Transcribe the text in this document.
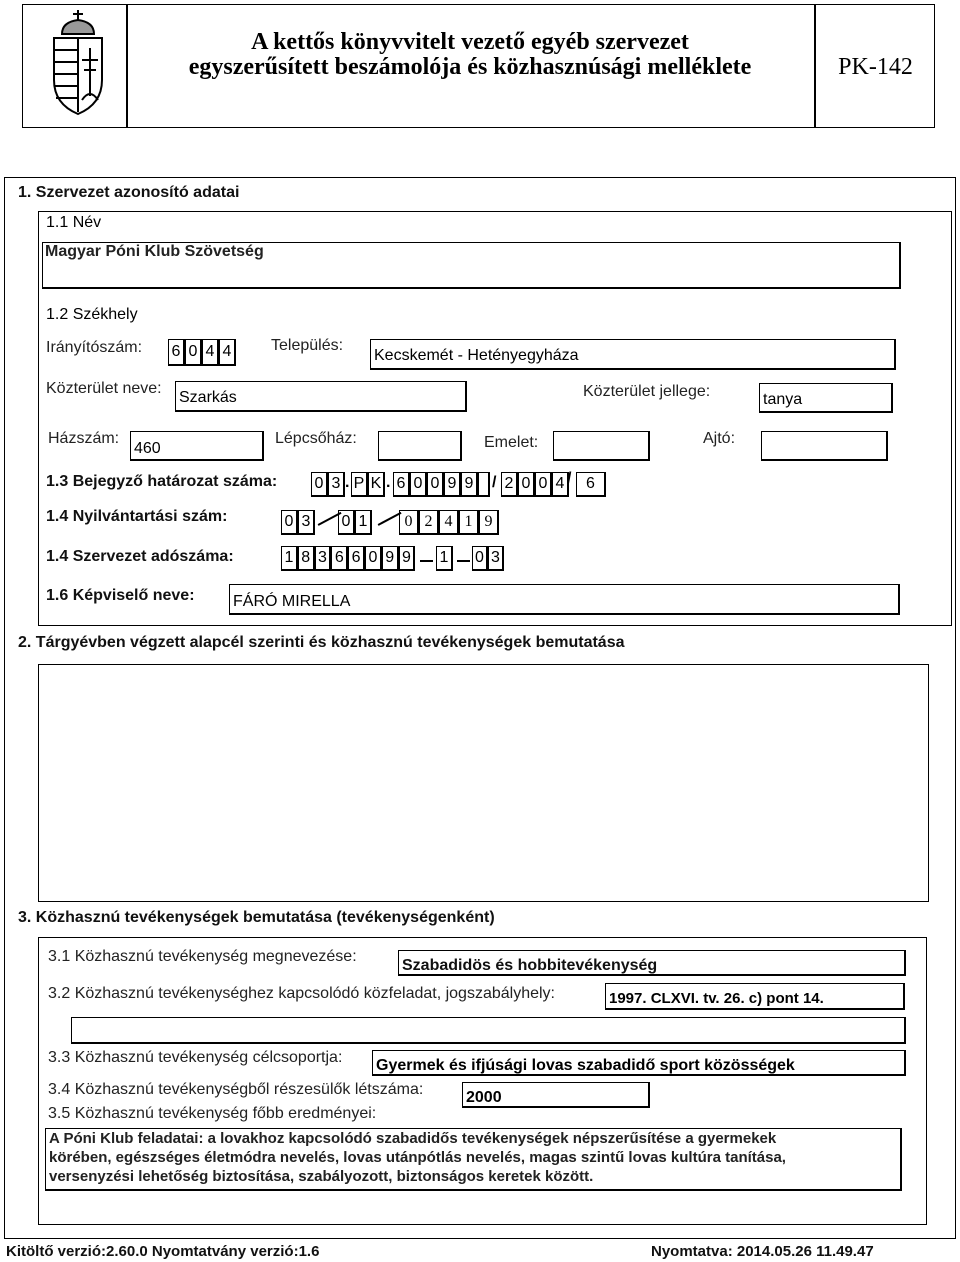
A kettős könyvvitelt vezető egyéb szervezet
egyszerűsített beszámolója és közhasznúsági melléklete	PK-142
1. Szervezet azonosító adatai
1.1 Név
Magyar Póni Klub Szövetség
1.2 Székhely
Irányítószám: 6 0 4 4 Település:
Kecskemét - Hetényegyháza
Közterület neve:
Szarkás	Közterület jellege:	tanya
Házszám:
460
Lépcsőház:	Emelet:	Ajtó:
1.3 Bejegyző határozat száma: 0 3 . P K . 6 0 0 9 9 / 2 0 0 4 / 6
1.4 Nyilvántartási szám:	0 3 0 1	0 2 4 1 9
1.4 Szervezet adószáma:	1 8 3 6 6 0 9 9 1 0 3
1.6 Képviselő neve: FÁRÓ MIRELLA
2. Tárgyévben végzett alapcél szerinti és közhasznú tevékenységek bemutatása
3. Közhasznú tevékenységek bemutatása (tevékenységenként)
3.1 Közhasznú tevékenység megnevezése:
Szabadidös és hobbitevékenység
3.2 Közhasznú tevékenységhez kapcsolódó közfeladat, jogszabályhely:	1997. CLXVI. tv. 26. c) pont 14.
3.3 Közhasznú tevékenység célcsoportja: Gyermek és ifjúsági lovas szabadidő sport közösségek
3.4 Közhasznú tevékenységből részesülők létszáma:	2000
3.5 Közhasznú tevékenység főbb eredményei:
A Póni Klub feladatai: a lovakhoz kapcsolódó szabadidős tevékenységek népszerűsítése a gyermekek
körében, egészséges életmódra nevelés, lovas utánpótlás nevelés, magas szintű lovas kultúra tanítása,
versenyzési lehetőség biztosítása, szabályozott, biztonságos keretek között.
Kitöltő verzió:2.60.0 Nyomtatvány verzió:1.6	Nyomtatva: 2014.05.26 11.49.47
